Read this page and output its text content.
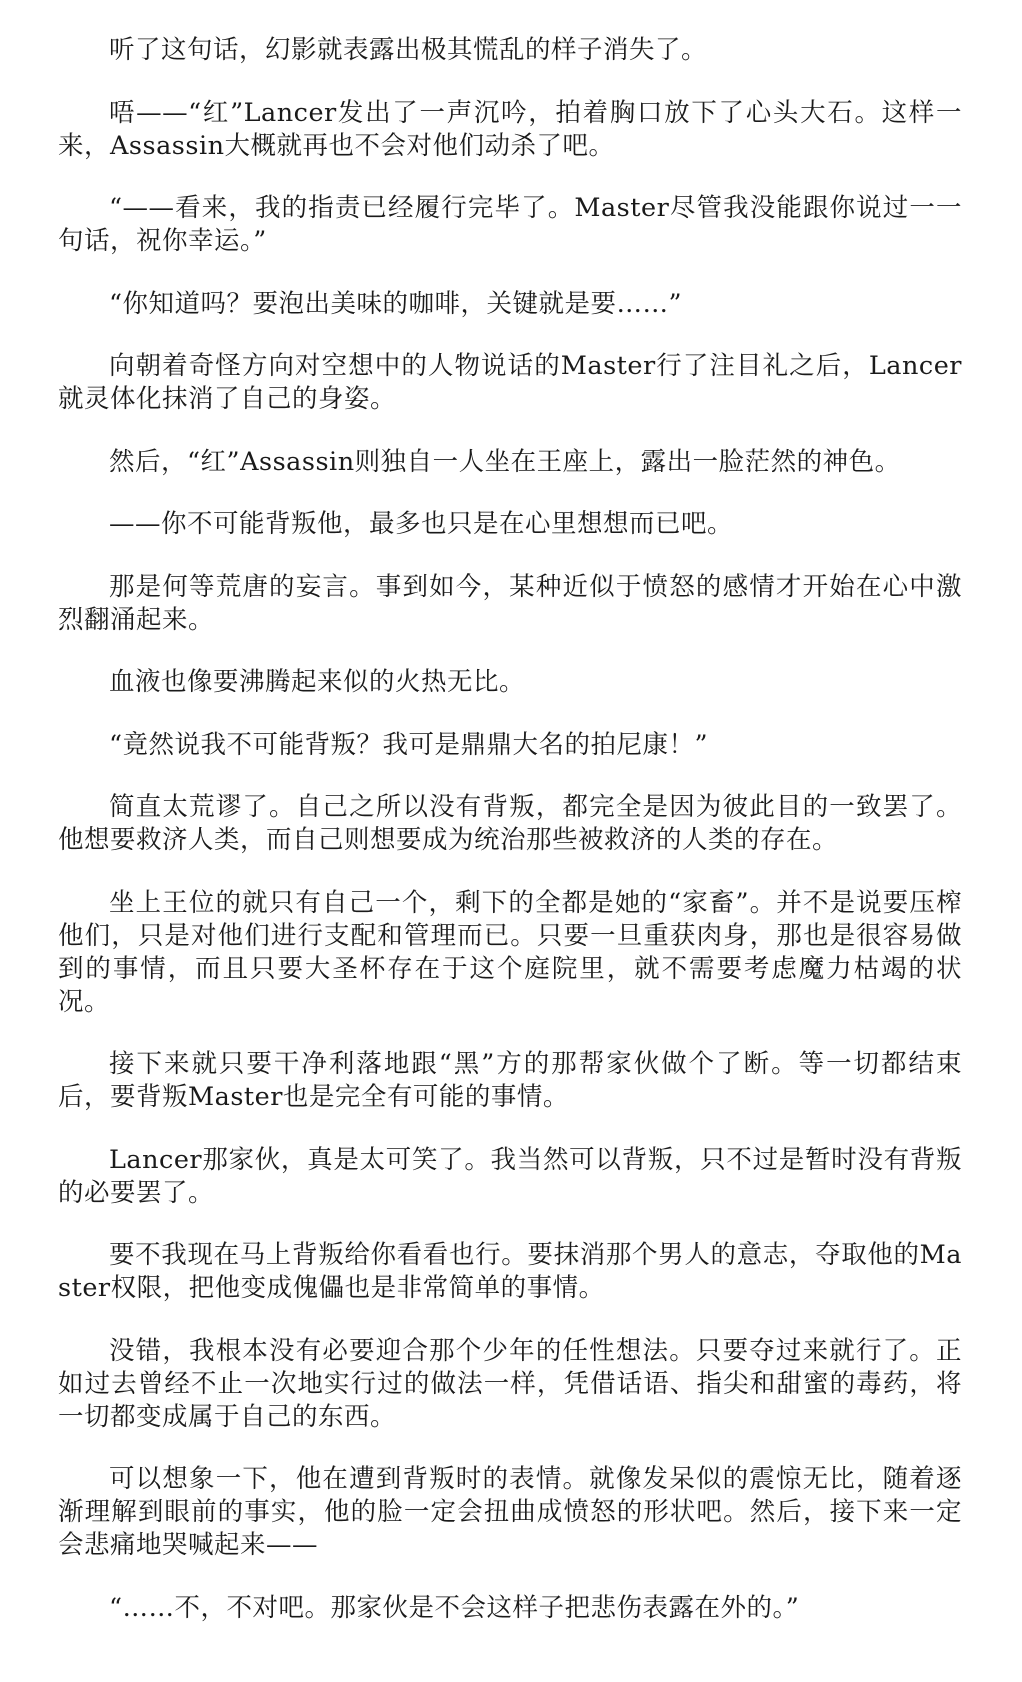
听了这句话，幻影就表露出极其慌乱的样子消失了。

唔——“红”Lancer发出了一声沉吟，拍着胸口放下了心头大石。这样一来，Assassin大概就再也不会对他们动杀了吧。

“——看来，我的指责已经履行完毕了。Master尽管我没能跟你说过一一句话，祝你幸运。”

“你知道吗？要泡出美味的咖啡，关键就是要……”

向朝着奇怪方向对空想中的人物说话的Master行了注目礼之后，Lancer就灵体化抹消了自己的身姿。

然后，“红”Assassin则独自一人坐在王座上，露出一脸茫然的神色。

——你不可能背叛他，最多也只是在心里想想而已吧。

那是何等荒唐的妄言。事到如今，某种近似于愤怒的感情才开始在心中激烈翻涌起来。

血液也像要沸腾起来似的火热无比。

“竟然说我不可能背叛？我可是鼎鼎大名的拍尼康！”

简直太荒谬了。自己之所以没有背叛，都完全是因为彼此目的一致罢了。他想要救济人类，而自己则想要成为统治那些被救济的人类的存在。

坐上王位的就只有自己一个，剩下的全都是她的“家畜”。并不是说要压榨他们，只是对他们进行支配和管理而已。只要一旦重获肉身，那也是很容易做到的事情，而且只要大圣杯存在于这个庭院里，就不需要考虑魔力枯竭的状况。

接下来就只要干净利落地跟“黑”方的那帮家伙做个了断。等一切都结束后，要背叛Master也是完全有可能的事情。

Lancer那家伙，真是太可笑了。我当然可以背叛，只不过是暂时没有背叛的必要罢了。

要不我现在马上背叛给你看看也行。要抹消那个男人的意志，夺取他的Master权限，把他变成傀儡也是非常简单的事情。

没错，我根本没有必要迎合那个少年的任性想法。只要夺过来就行了。正如过去曾经不止一次地实行过的做法一样，凭借话语、指尖和甜蜜的毒药，将一切都变成属于自己的东西。

可以想象一下，他在遭到背叛时的表情。就像发呆似的震惊无比，随着逐渐理解到眼前的事实，他的脸一定会扭曲成愤怒的形状吧。然后，接下来一定会悲痛地哭喊起来——

“……不，不对吧。那家伙是不会这样子把悲伤表露在外的。”
